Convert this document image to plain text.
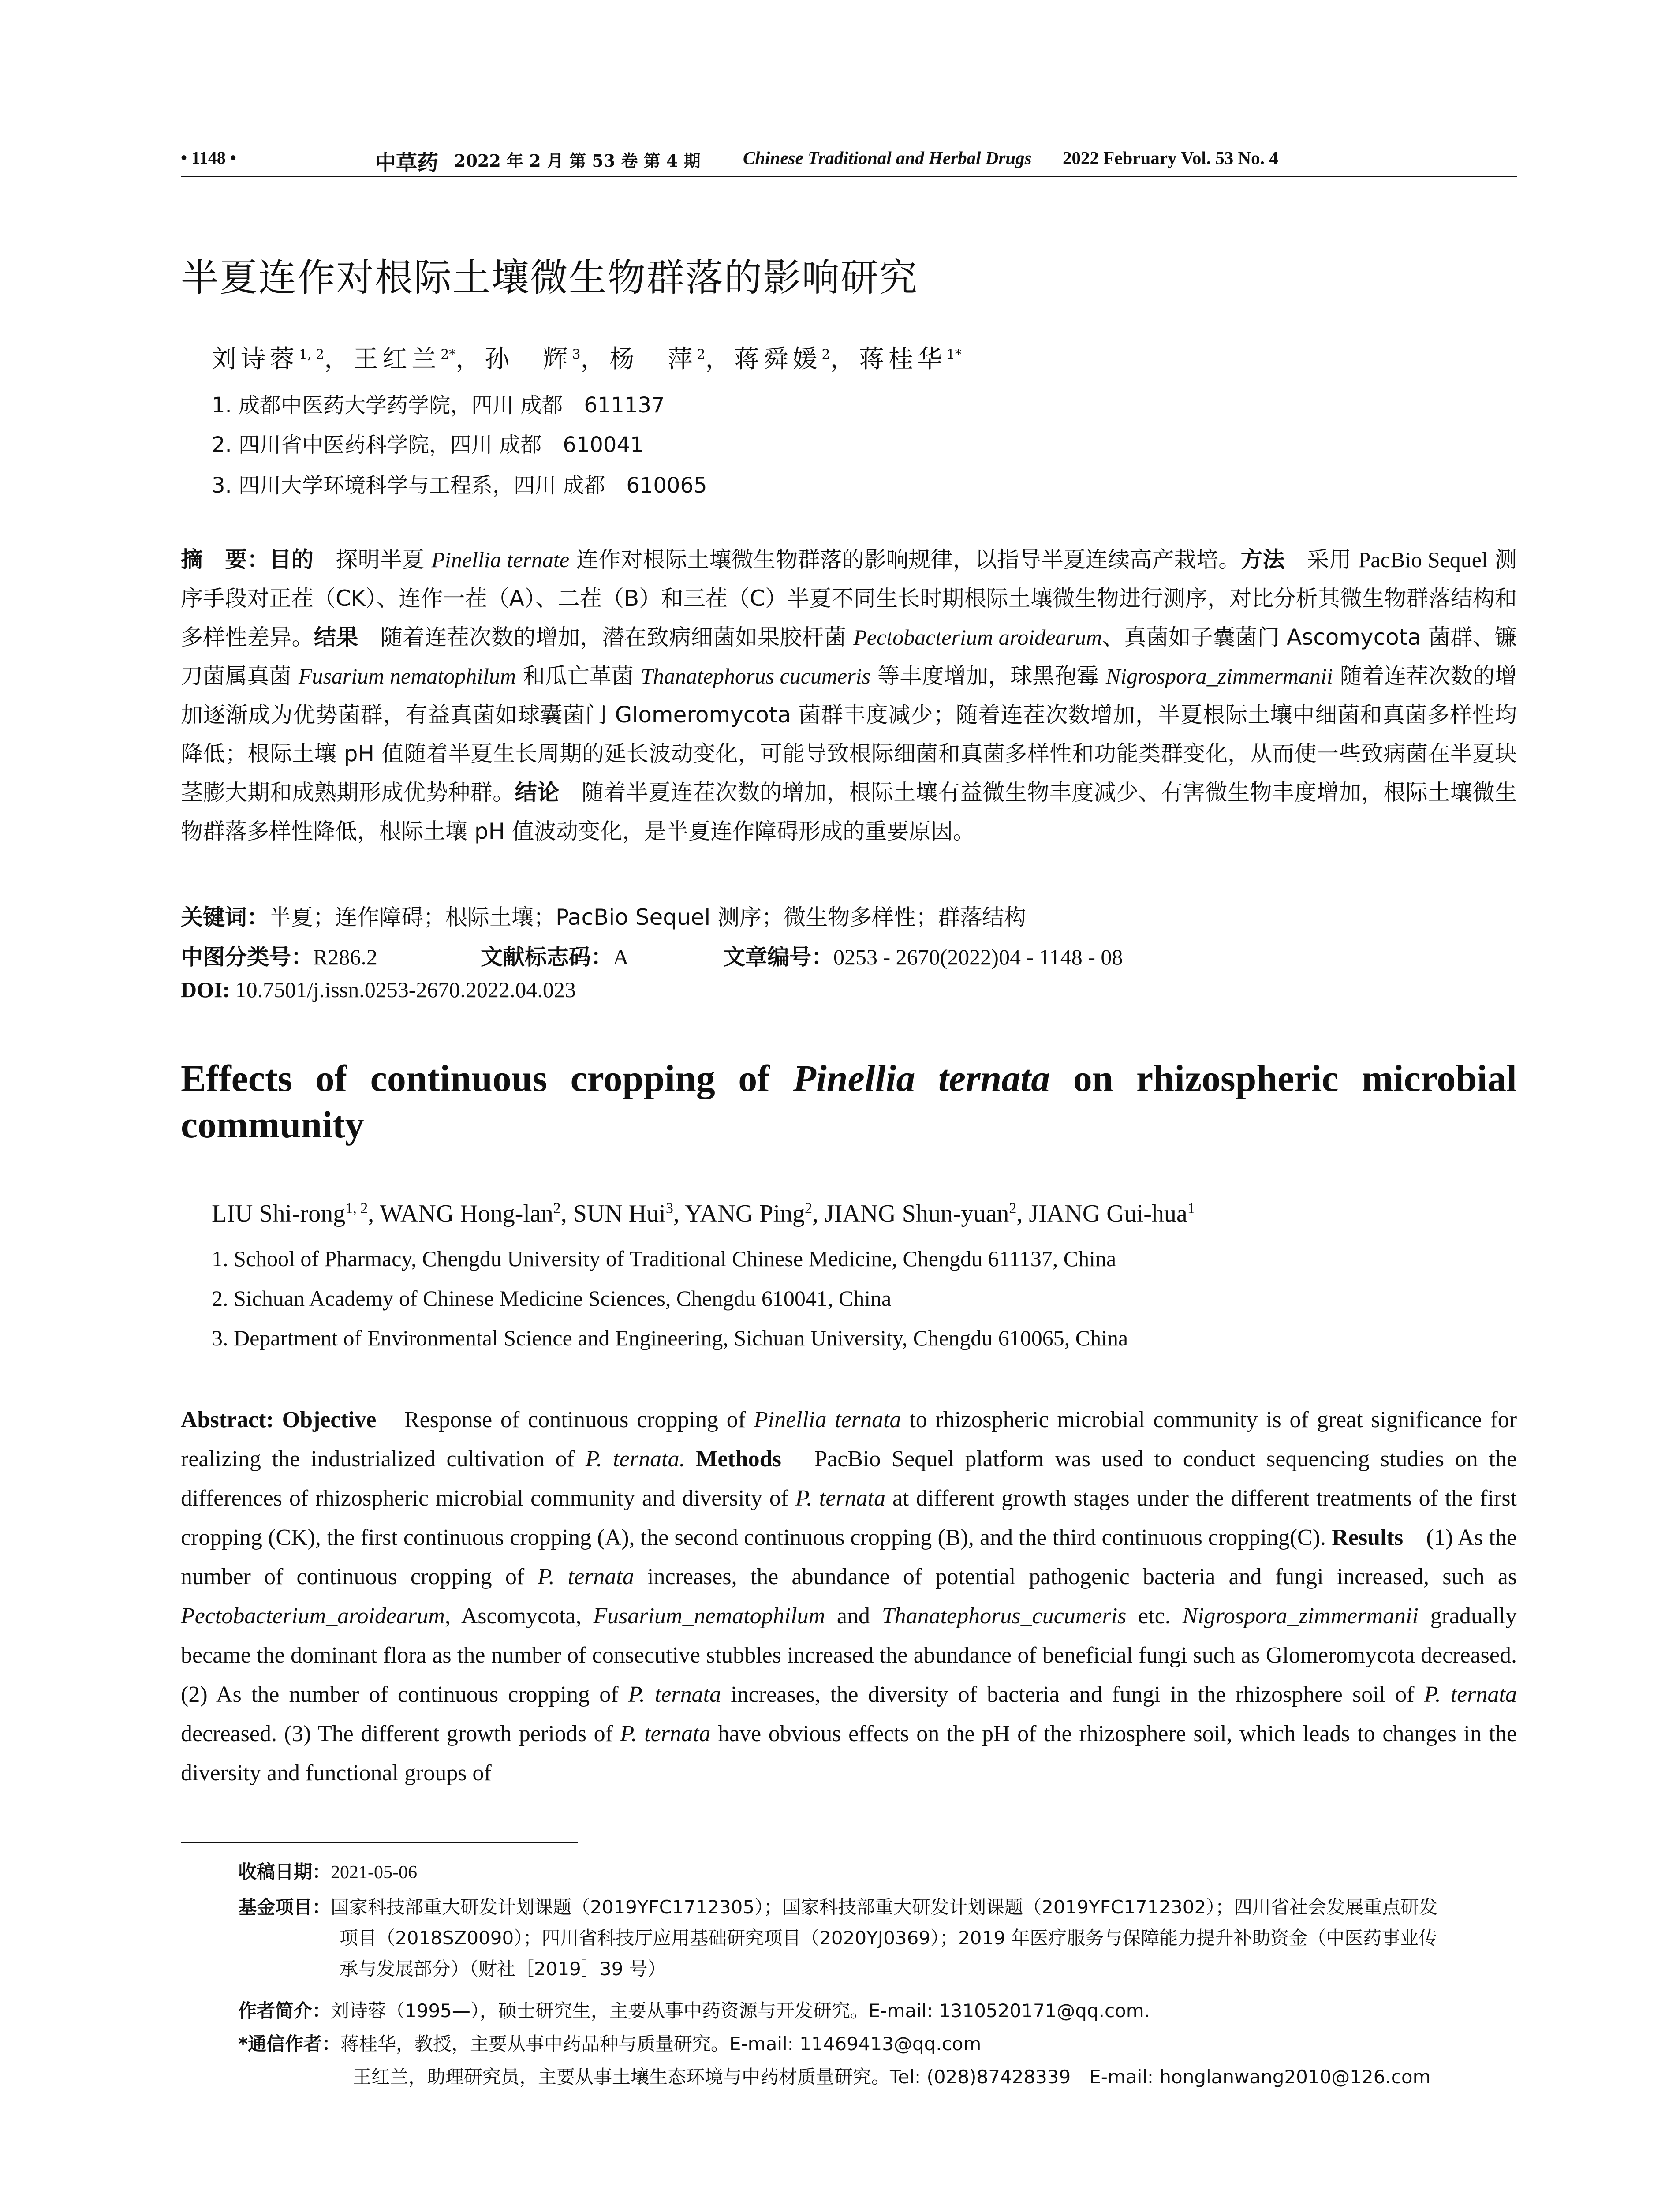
• 1148 •	中草药 2022 年 2 月 第 53 卷 第 4 期 Chinese Traditional and Herbal Drugs 2022 February Vol. 53 No. 4
半夏连作对根际土壤微生物群落的影响研究
刘诗蓉$^{1, 2}$，王红兰$^{2*}$，孙　辉$^3$，杨　萍$^2$，蒋舜媛$^2$，蒋桂华$^{1*}$
1. 成都中医药大学药学院，四川 成都　611137
2. 四川省中医药科学院，四川 成都　610041
3. 四川大学环境科学与工程系，四川 成都　610065
摘　要：目的　探明半夏 Pinellia ternate 连作对根际土壤微生物群落的影响规律，以指导半夏连续高产栽培。方法　采用 PacBio Sequel 测序手段对正茬（CK）、连作一茬（A）、二茬（B）和三茬（C）半夏不同生长时期根际土壤微生物进行测序，对比分析其微生物群落结构和多样性差异。结果　随着连茬次数的增加，潜在致病细菌如果胶杆菌 Pectobacterium aroidearum、真菌如子囊菌门 Ascomycota 菌群、镰刀菌属真菌 Fusarium nematophilum 和瓜亡革菌 Thanatephorus cucumeris 等丰度增加，球黑孢霉 Nigrospora_zimmermanii 随着连茬次数的增加逐渐成为优势菌群，有益真菌如球囊菌门 Glomeromycota 菌群丰度减少；随着连茬次数增加，半夏根际土壤中细菌和真菌多样性均降低；根际土壤 pH 值随着半夏生长周期的延长波动变化，可能导致根际细菌和真菌多样性和功能类群变化，从而使一些致病菌在半夏块茎膨大期和成熟期形成优势种群。结论　随着半夏连茬次数的增加，根际土壤有益微生物丰度减少、有害微生物丰度增加，根际土壤微生物群落多样性降低，根际土壤 pH 值波动变化，是半夏连作障碍形成的重要原因。
关键词：半夏；连作障碍；根际土壤；PacBio Sequel 测序；微生物多样性；群落结构
中图分类号：R286.2	文献标志码：A	文章编号：0253 - 2670(2022)04 - 1148 - 08
DOI: 10.7501/j.issn.0253-2670.2022.04.023
Effects of continuous cropping of Pinellia ternata on rhizospheric microbial
community
LIU Shi-rong$^{1, 2}$, WANG Hong-lan$^2$, SUN Hui$^3$, YANG Ping$^2$, JIANG Shun-yuan$^2$, JIANG Gui-hua$^1$
1. School of Pharmacy, Chengdu University of Traditional Chinese Medicine, Chengdu 611137, China
2. Sichuan Academy of Chinese Medicine Sciences, Chengdu 610041, China
3. Department of Environmental Science and Engineering, Sichuan University, Chengdu 610065, China
Abstract: Objective　Response of continuous cropping of Pinellia ternata to rhizospheric microbial community is of great significance for realizing the industrialized cultivation of P. ternata. Methods　PacBio Sequel platform was used to conduct sequencing studies on the differences of rhizospheric microbial community and diversity of P. ternata at different growth stages under the different treatments of the first cropping (CK), the first continuous cropping (A), the second continuous cropping (B), and the third continuous cropping(C). Results　(1) As the number of continuous cropping of P. ternata increases, the abundance of potential pathogenic bacteria and fungi increased, such as Pectobacterium_aroidearum, Ascomycota, Fusarium_nematophilum and Thanatephorus_cucumeris etc. Nigrospora_zimmermanii gradually became the dominant flora as the number of consecutive stubbles increased the abundance of beneficial fungi such as Glomeromycota decreased. (2) As the number of continuous cropping of P. ternata increases, the diversity of bacteria and fungi in the rhizosphere soil of P. ternata decreased. (3) The different growth periods of P. ternata have obvious effects on the pH of the rhizosphere soil, which leads to changes in the diversity and functional groups of
收稿日期：2021-05-06
基金项目：国家科技部重大研发计划课题（2019YFC1712305）；国家科技部重大研发计划课题（2019YFC1712302）；四川省社会发展重点研发
项目（2018SZ0090）；四川省科技厅应用基础研究项目（2020YJ0369）；2019 年医疗服务与保障能力提升补助资金（中医药事业传
承与发展部分）（财社［2019］39 号）
作者简介：刘诗蓉（1995—），硕士研究生，主要从事中药资源与开发研究。E-mail: 1310520171@qq.com.
*通信作者：蒋桂华，教授，主要从事中药品种与质量研究。E-mail: 11469413@qq.com
王红兰，助理研究员，主要从事土壤生态环境与中药材质量研究。Tel: (028)87428339　E-mail: honglanwang2010@126.com
